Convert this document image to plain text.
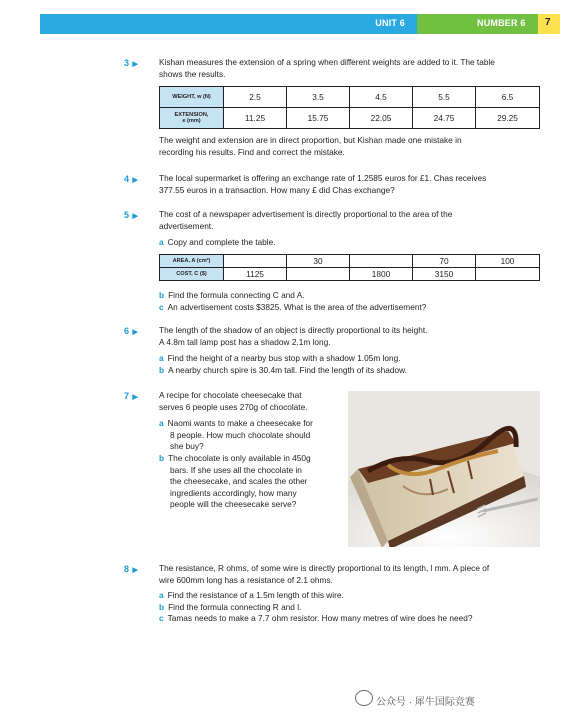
UNIT 6	NUMBER 6 7
3 ▶	Kishan measures the extension of a spring when different weights are added to it. The table
shows the results.
WEIGHT, w (N)	2.5	3.5	4.5	5.5	6.5
EXTENSION,
e (mm)	11.25	15.75	22.05	24.75	29.25
The weight and extension are in direct proportion, but Kishan made one mistake in
recording his results. Find and correct the mistake.
4 ▶	The local supermarket is offering an exchange rate of 1.2585 euros for £1. Chas receives
377.55 euros in a transaction. How many £ did Chas exchange?
5 ▶	The cost of a newspaper advertisement is directly proportional to the area of the
advertisement.
a Copy and complete the table.
AREA, A (cm²)		30		70	100
COST, C ($)	1125		1800	3150	
b Find the formula connecting C and A.
c An advertisement costs $3825. What is the area of the advertisement?
6 ▶	The length of the shadow of an object is directly proportional to its height.
A 4.8m tall lamp post has a shadow 2.1m long.
a Find the height of a nearby bus stop with a shadow 1.05m long.
b A nearby church spire is 30.4m tall. Find the length of its shadow.
7 ▶	A recipe for chocolate cheesecake that
serves 6 people uses 270g of chocolate.
a Naomi wants to make a cheesecake for
8 people. How much chocolate should
she buy?
b The chocolate is only available in 450g
bars. If she uses all the chocolate in
the cheesecake, and scales the other
ingredients accordingly, how many
people will the cheesecake serve?
8 ▶	The resistance, R ohms, of some wire is directly proportional to its length, l mm. A piece of
wire 600mm long has a resistance of 2.1 ohms.
a Find the resistance of a 1.5m length of this wire.
b Find the formula connecting R and l.
c Tamas needs to make a 7.7 ohm resistor. How many metres of wire does he need?
公众号 · 犀牛国际竞赛
